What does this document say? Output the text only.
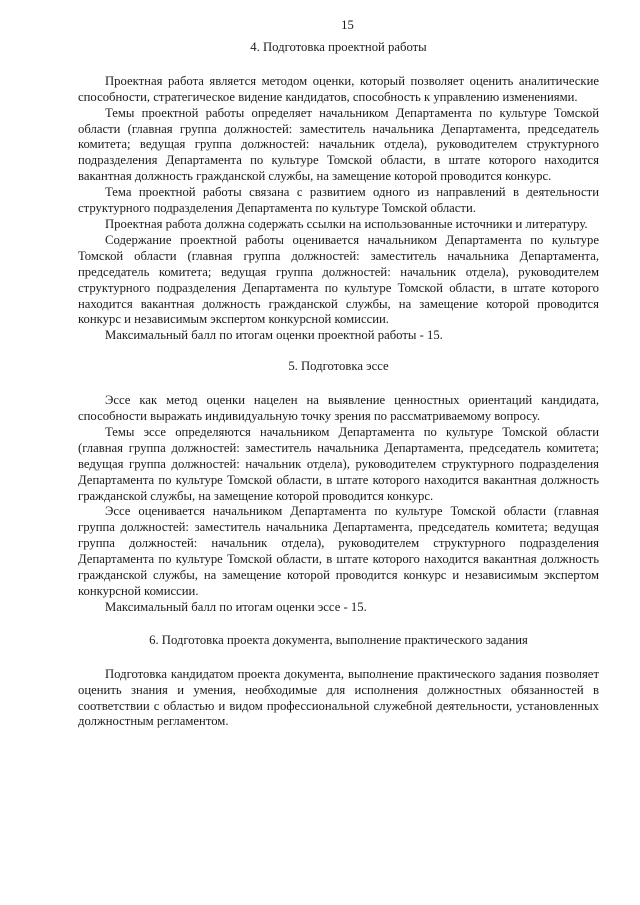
15
4. Подготовка проектной работы

Проектная работа является методом оценки, который позволяет оценить аналитические способности, стратегическое видение кандидатов, способность к управлению изменениями.

Темы проектной работы определяет начальником Департамента по культуре Томской области (главная группа должностей: заместитель начальника Департамента, председатель комитета; ведущая группа должностей: начальник отдела), руководителем структурного подразделения Департамента по культуре Томской области, в штате которого находится вакантная должность гражданской службы, на замещение которой проводится конкурс.

Тема проектной работы связана с развитием одного из направлений в деятельности структурного подразделения Департамента по культуре Томской области.

Проектная работа должна содержать ссылки на использованные источники и литературу.

Содержание проектной работы оценивается начальником Департамента по культуре Томской области (главная группа должностей: заместитель начальника Департамента, председатель комитета; ведущая группа должностей: начальник отдела), руководителем структурного подразделения Департамента по культуре Томской области, в штате которого находится вакантная должность гражданской службы, на замещение которой проводится конкурс и независимым экспертом конкурсной комиссии.

Максимальный балл по итогам оценки проектной работы - 15.

5. Подготовка эссе

Эссе как метод оценки нацелен на выявление ценностных ориентаций кандидата, способности выражать индивидуальную точку зрения по рассматриваемому вопросу.

Темы эссе определяются начальником Департамента по культуре Томской области (главная группа должностей: заместитель начальника Департамента, председатель комитета; ведущая группа должностей: начальник отдела), руководителем структурного подразделения Департамента по культуре Томской области, в штате которого находится вакантная должность гражданской службы, на замещение которой проводится конкурс.

Эссе оценивается начальником Департамента по культуре Томской области (главная группа должностей: заместитель начальника Департамента, председатель комитета; ведущая группа должностей: начальник отдела), руководителем структурного подразделения Департамента по культуре Томской области, в штате которого находится вакантная должность гражданской службы, на замещение которой проводится конкурс и независимым экспертом конкурсной комиссии.

Максимальный балл по итогам оценки эссе - 15.

6. Подготовка проекта документа, выполнение практического задания

Подготовка кандидатом проекта документа, выполнение практического задания позволяет оценить знания и умения, необходимые для исполнения должностных обязанностей в соответствии с областью и видом профессиональной служебной деятельности, установленных должностным регламентом.
